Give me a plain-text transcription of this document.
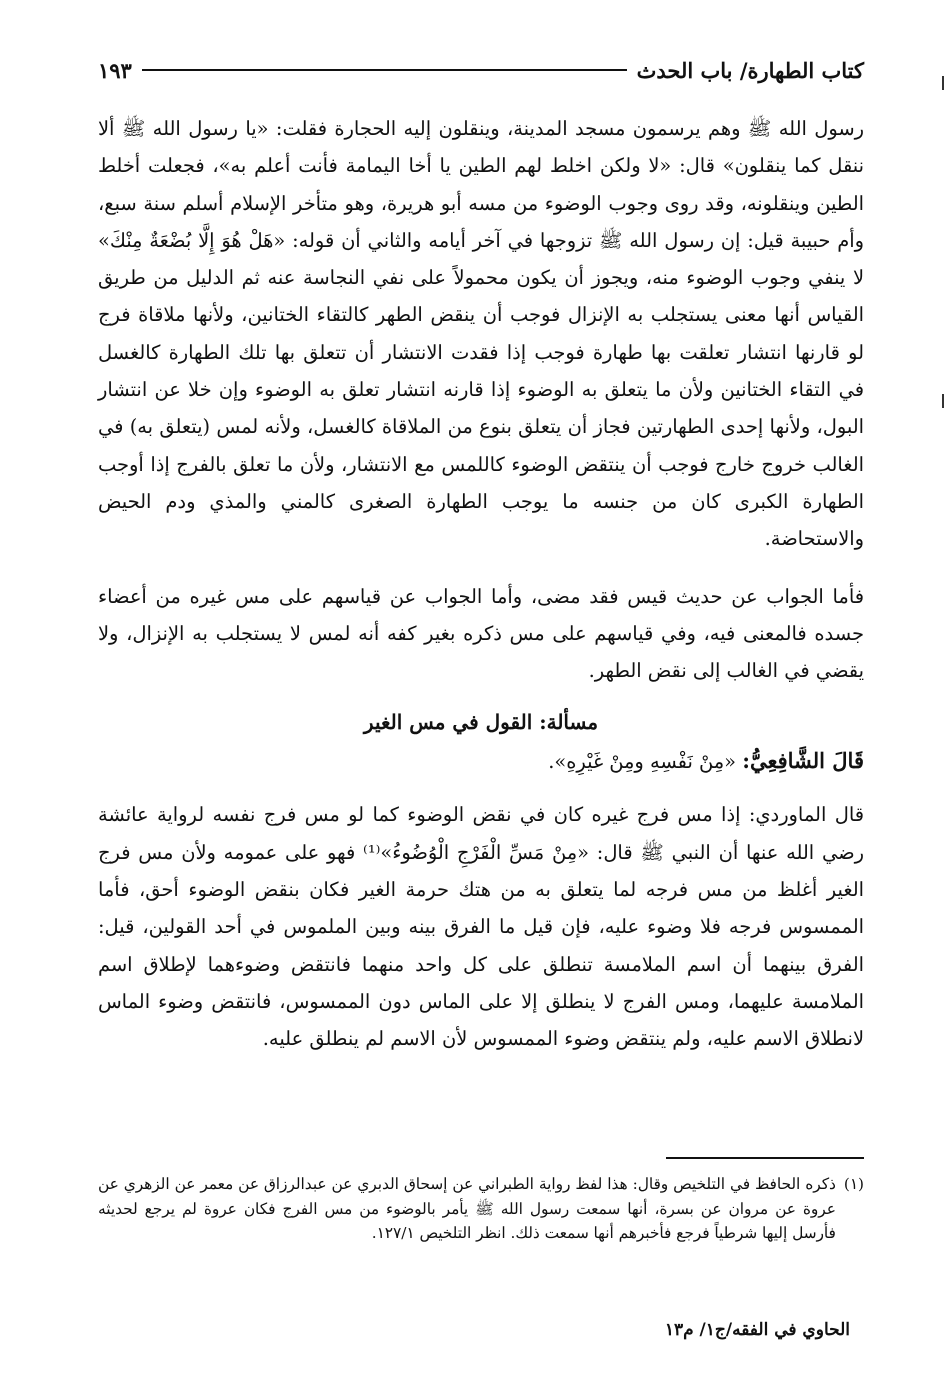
كتاب الطهارة/ باب الحدث
١٩٣

رسول الله ﷺ وهم يرسمون مسجد المدينة، وينقلون إليه الحجارة فقلت: «يا رسول الله ﷺ ألا ننقل كما ينقلون» قال: «لا ولكن اخلط لهم الطين يا أخا اليمامة فأنت أعلم به»، فجعلت أخلط الطين وينقلونه، وقد روى وجوب الوضوء من مسه أبو هريرة، وهو متأخر الإسلام أسلم سنة سبع، وأم حبيبة قيل: إن رسول الله ﷺ تزوجها في آخر أيامه والثاني أن قوله: «هَلْ هُوَ إِلَّا بُضْعَةٌ مِنْكَ» لا ينفي وجوب الوضوء منه، ويجوز أن يكون محمولاً على نفي النجاسة عنه ثم الدليل من طريق القياس أنها معنى يستجلب به الإنزال فوجب أن ينقض الطهر كالتقاء الختانين، ولأنها ملاقاة فرج لو قارنها انتشار تعلقت بها طهارة فوجب إذا فقدت الانتشار أن تتعلق بها تلك الطهارة كالغسل في التقاء الختانين ولأن ما يتعلق به الوضوء إذا قارنه انتشار تعلق به الوضوء وإن خلا عن انتشار البول، ولأنها إحدى الطهارتين فجاز أن يتعلق بنوع من الملاقاة كالغسل، ولأنه لمس (يتعلق به) في الغالب خروج خارج فوجب أن ينتقض الوضوء كاللمس مع الانتشار، ولأن ما تعلق بالفرج إذا أوجب الطهارة الكبرى كان من جنسه ما يوجب الطهارة الصغرى كالمني والمذي ودم الحيض والاستحاضة.

فأما الجواب عن حديث قيس فقد مضى، وأما الجواب عن قياسهم على مس غيره من أعضاء جسده فالمعنى فيه، وفي قياسهم على مس ذكره بغير كفه أنه لمس لا يستجلب به الإنزال، ولا يقضي في الغالب إلى نقض الطهر.

مسألة: القول في مس الغير

قَالَ الشَّافِعِيُّ: «مِنْ نَفْسِهِ ومِنْ غَيْرِهِ».

قال الماوردي: إذا مس فرج غيره كان في نقض الوضوء كما لو مس فرج نفسه لرواية عائشة رضي الله عنها أن النبي ﷺ قال: «مِنْ مَسِّ الْفَرْجِ الْوُضُوءُ»⁽¹⁾ فهو على عمومه ولأن مس فرج الغير أغلظ من مس فرجه لما يتعلق به من هتك حرمة الغير فكان بنقض الوضوء أحق، فأما الممسوس فرجه فلا وضوء عليه، فإن قيل ما الفرق بينه وبين الملموس في أحد القولين، قيل: الفرق بينهما أن اسم الملامسة تنطلق على كل واحد منهما فانتقض وضوءهما لإطلاق اسم الملامسة عليهما، ومس الفرج لا ينطلق إلا على الماس دون الممسوس، فانتقض وضوء الماس لانطلاق الاسم عليه، ولم ينتقض وضوء الممسوس لأن الاسم لم ينطلق عليه.

(١)
ذكره الحافظ في التلخيص وقال: هذا لفظ رواية الطبراني عن إسحاق الدبري عن عبدالرزاق عن معمر عن الزهري عن عروة عن مروان عن بسرة، أنها سمعت رسول الله ﷺ يأمر بالوضوء من مس الفرج فكان عروة لم يرجع لحديثه فأرسل إليها شرطياً فرجع فأخبرهم أنها سمعت ذلك. انظر التلخيص ١٢٧/١.
الحاوي في الفقه/ج١/ م١٣
